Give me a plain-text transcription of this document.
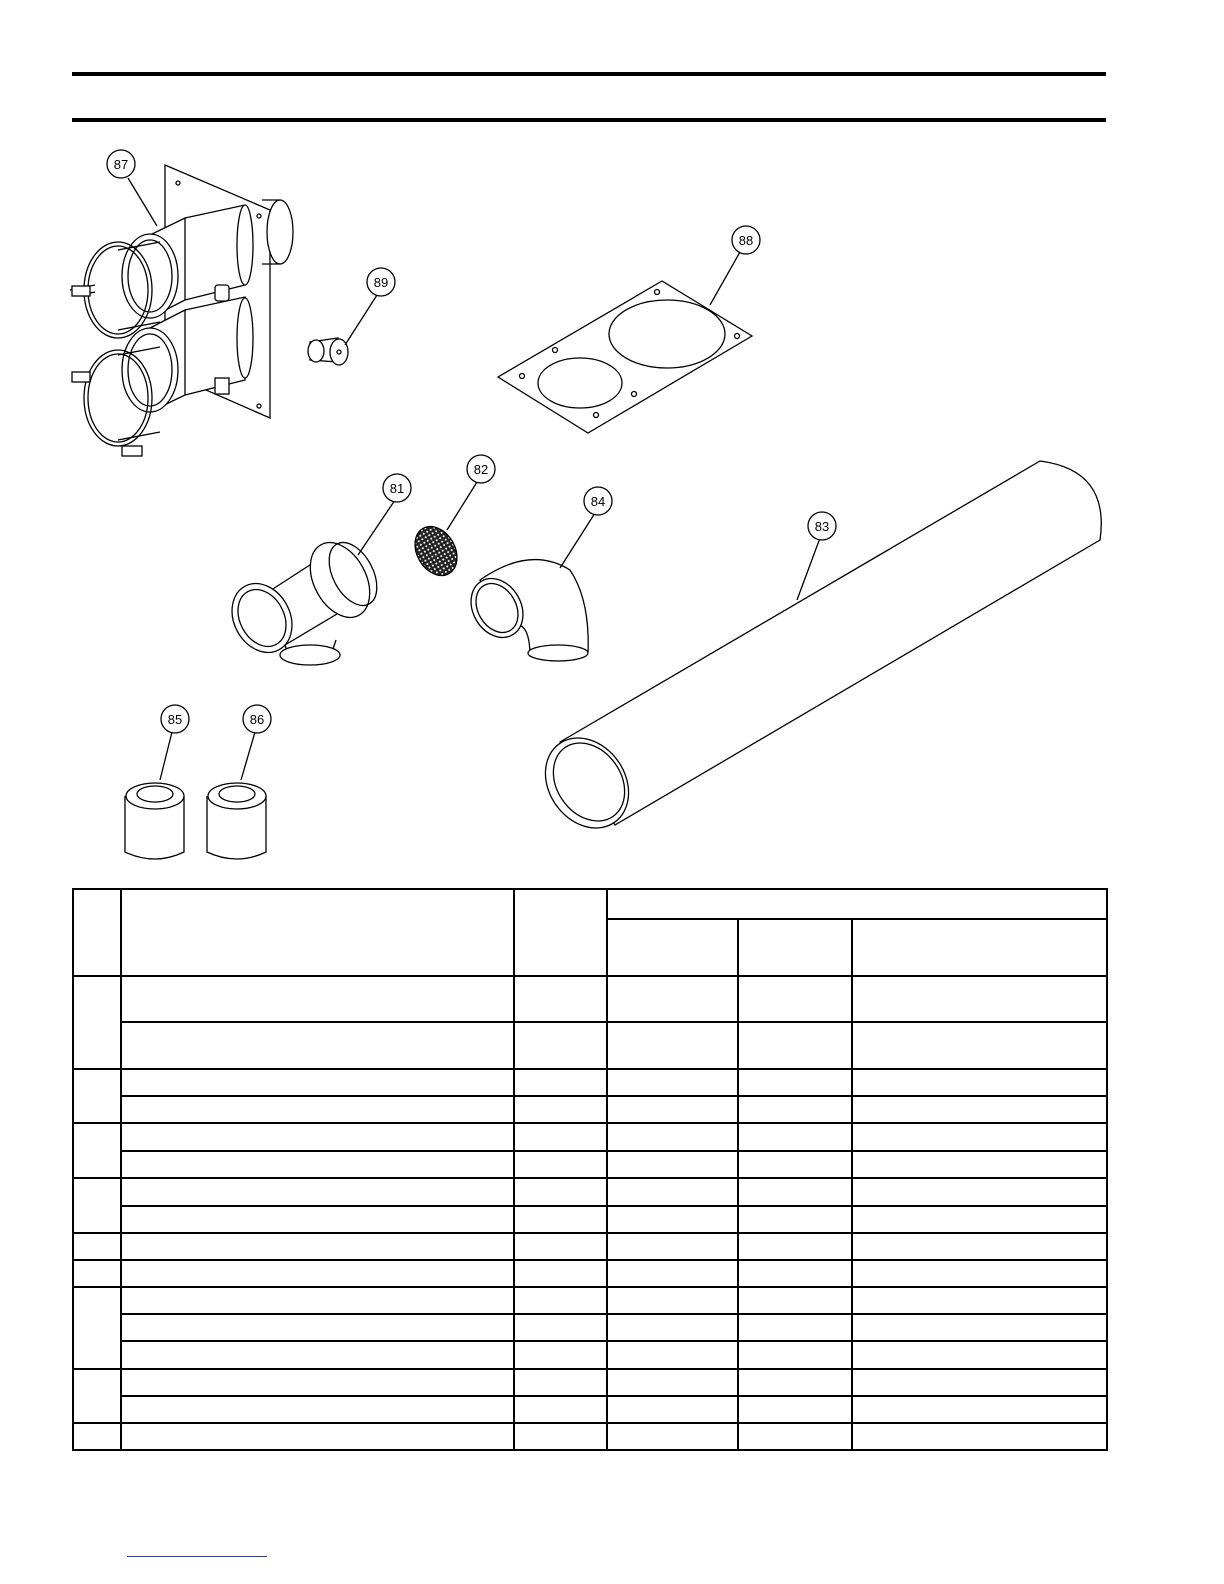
87
88
89
81
82
84
83
85	86
